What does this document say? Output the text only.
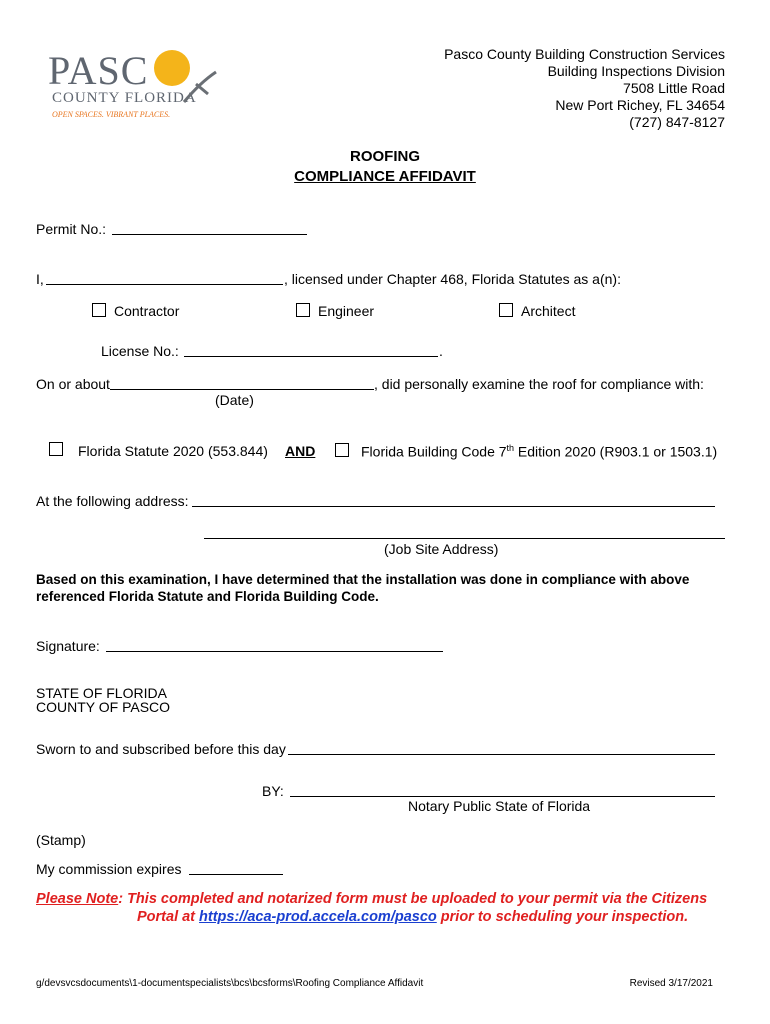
PASC
COUNTY FLORIDA
OPEN SPACES. VIBRANT PLACES.
Pasco County Building Construction Services
Building Inspections Division
7508 Little Road
New Port Richey, FL 34654
(727) 847-8127
ROOFING
COMPLIANCE AFFIDAVIT
Permit No.:
I,	, licensed under Chapter 468, Florida Statutes as a(n):
Contractor	Engineer	Architect
License No.:	.
On or about	, did personally examine the roof for compliance with:
(Date)
Florida Statute 2020 (553.844) AND	Florida Building Code 7th Edition 2020 (R903.1 or 1503.1)
At the following address:
(Job Site Address)
Based on this examination, I have determined that the installation was done in compliance with above
referenced Florida Statute and Florida Building Code.
Signature:
STATE OF FLORIDA
COUNTY OF PASCO
Sworn to and subscribed before this day
BY:
Notary Public State of Florida
(Stamp)
My commission expires
Please Note: This completed and notarized form must be uploaded to your permit via the Citizens
Portal at https://aca-prod.accela.com/pasco prior to scheduling your inspection.
g/devsvcsdocuments\1-documentspecialists\bcs\bcsforms\Roofing Compliance Affidavit	Revised 3/17/2021
